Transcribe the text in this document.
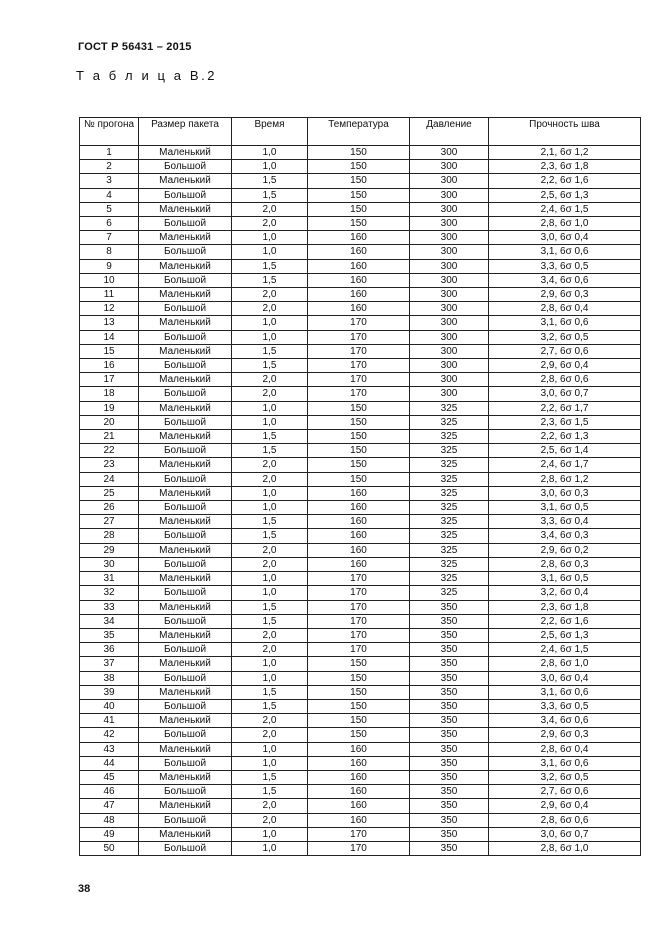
ГОСТ Р 56431 – 2015
Т а б л и ц а В.2
№ прогона	Размер пакета	Время	Температура	Давление	Прочность шва
1	Маленький	1,0	150	300	2,1, 6σ 1,2
2	Большой	1,0	150	300	2,3, 6σ 1,8
3	Маленький	1,5	150	300	2,2, 6σ 1,6
4	Большой	1,5	150	300	2,5, 6σ 1,3
5	Маленький	2,0	150	300	2,4, 6σ 1,5
6	Большой	2,0	150	300	2,8, 6σ 1,0
7	Маленький	1,0	160	300	3,0, 6σ 0,4
8	Большой	1,0	160	300	3,1, 6σ 0,6
9	Маленький	1,5	160	300	3,3, 6σ 0,5
10	Большой	1,5	160	300	3,4, 6σ 0,6
11	Маленький	2,0	160	300	2,9, 6σ 0,3
12	Большой	2,0	160	300	2,8, 6σ 0,4
13	Маленький	1,0	170	300	3,1, 6σ 0,6
14	Большой	1,0	170	300	3,2, 6σ 0,5
15	Маленький	1,5	170	300	2,7, 6σ 0,6
16	Большой	1,5	170	300	2,9, 6σ 0,4
17	Маленький	2,0	170	300	2,8, 6σ 0,6
18	Большой	2,0	170	300	3,0, 6σ 0,7
19	Маленький	1,0	150	325	2,2, 6σ 1,7
20	Большой	1,0	150	325	2,3, 6σ 1,5
21	Маленький	1,5	150	325	2,2, 6σ 1,3
22	Большой	1,5	150	325	2,5, 6σ 1,4
23	Маленький	2,0	150	325	2,4, 6σ 1,7
24	Большой	2,0	150	325	2,8, 6σ 1,2
25	Маленький	1,0	160	325	3,0, 6σ 0,3
26	Большой	1,0	160	325	3,1, 6σ 0,5
27	Маленький	1,5	160	325	3,3, 6σ 0,4
28	Большой	1,5	160	325	3,4, 6σ 0,3
29	Маленький	2,0	160	325	2,9, 6σ 0,2
30	Большой	2,0	160	325	2,8, 6σ 0,3
31	Маленький	1,0	170	325	3,1, 6σ 0,5
32	Большой	1,0	170	325	3,2, 6σ 0,4
33	Маленький	1,5	170	350	2,3, 6σ 1,8
34	Большой	1,5	170	350	2,2, 6σ 1,6
35	Маленький	2,0	170	350	2,5, 6σ 1,3
36	Большой	2,0	170	350	2,4, 6σ 1,5
37	Маленький	1,0	150	350	2,8, 6σ 1,0
38	Большой	1,0	150	350	3,0, 6σ 0,4
39	Маленький	1,5	150	350	3,1, 6σ 0,6
40	Большой	1,5	150	350	3,3, 6σ 0,5
41	Маленький	2,0	150	350	3,4, 6σ 0,6
42	Большой	2,0	150	350	2,9, 6σ 0,3
43	Маленький	1,0	160	350	2,8, 6σ 0,4
44	Большой	1,0	160	350	3,1, 6σ 0,6
45	Маленький	1,5	160	350	3,2, 6σ 0,5
46	Большой	1,5	160	350	2,7, 6σ 0,6
47	Маленький	2,0	160	350	2,9, 6σ 0,4
48	Большой	2,0	160	350	2,8, 6σ 0,6
49	Маленький	1,0	170	350	3,0, 6σ 0,7
50	Большой	1,0	170	350	2,8, 6σ 1,0
38
